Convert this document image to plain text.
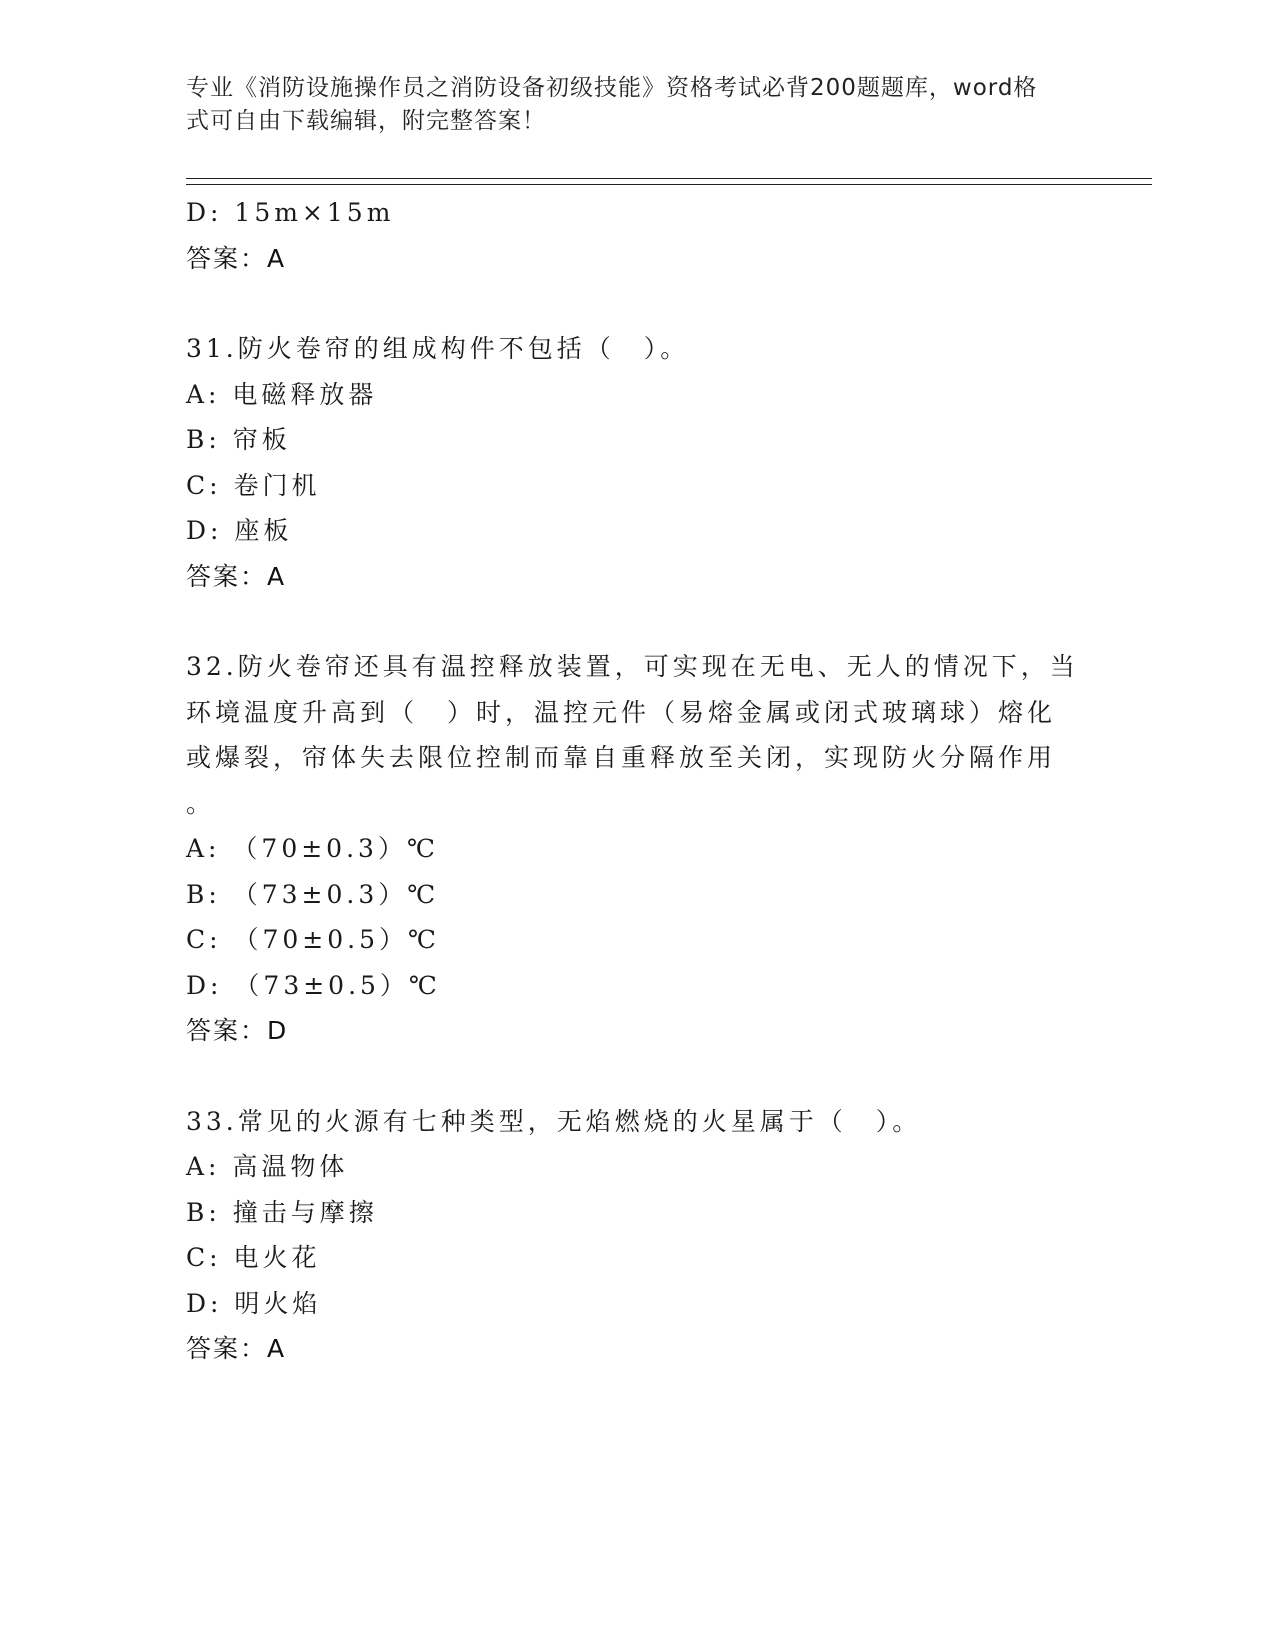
专业《消防设施操作员之消防设备初级技能》资格考试必背200题题库，word格
式可自由下载编辑，附完整答案！
D: 15m×15m
答案：A
31.防火卷帘的组成构件不包括（　）。
A: 电磁释放器
B: 帘板
C: 卷门机
D: 座板
答案：A
32.防火卷帘还具有温控释放装置，可实现在无电、无人的情况下，当
环境温度升高到（　）时，温控元件（易熔金属或闭式玻璃球）熔化
或爆裂，帘体失去限位控制而靠自重释放至关闭，实现防火分隔作用
。
A: （70±0.3）℃
B: （73±0.3）℃
C: （70±0.5）℃
D: （73±0.5）℃
答案：D
33.常见的火源有七种类型，无焰燃烧的火星属于（　）。
A: 高温物体
B: 撞击与摩擦
C: 电火花
D: 明火焰
答案：A
